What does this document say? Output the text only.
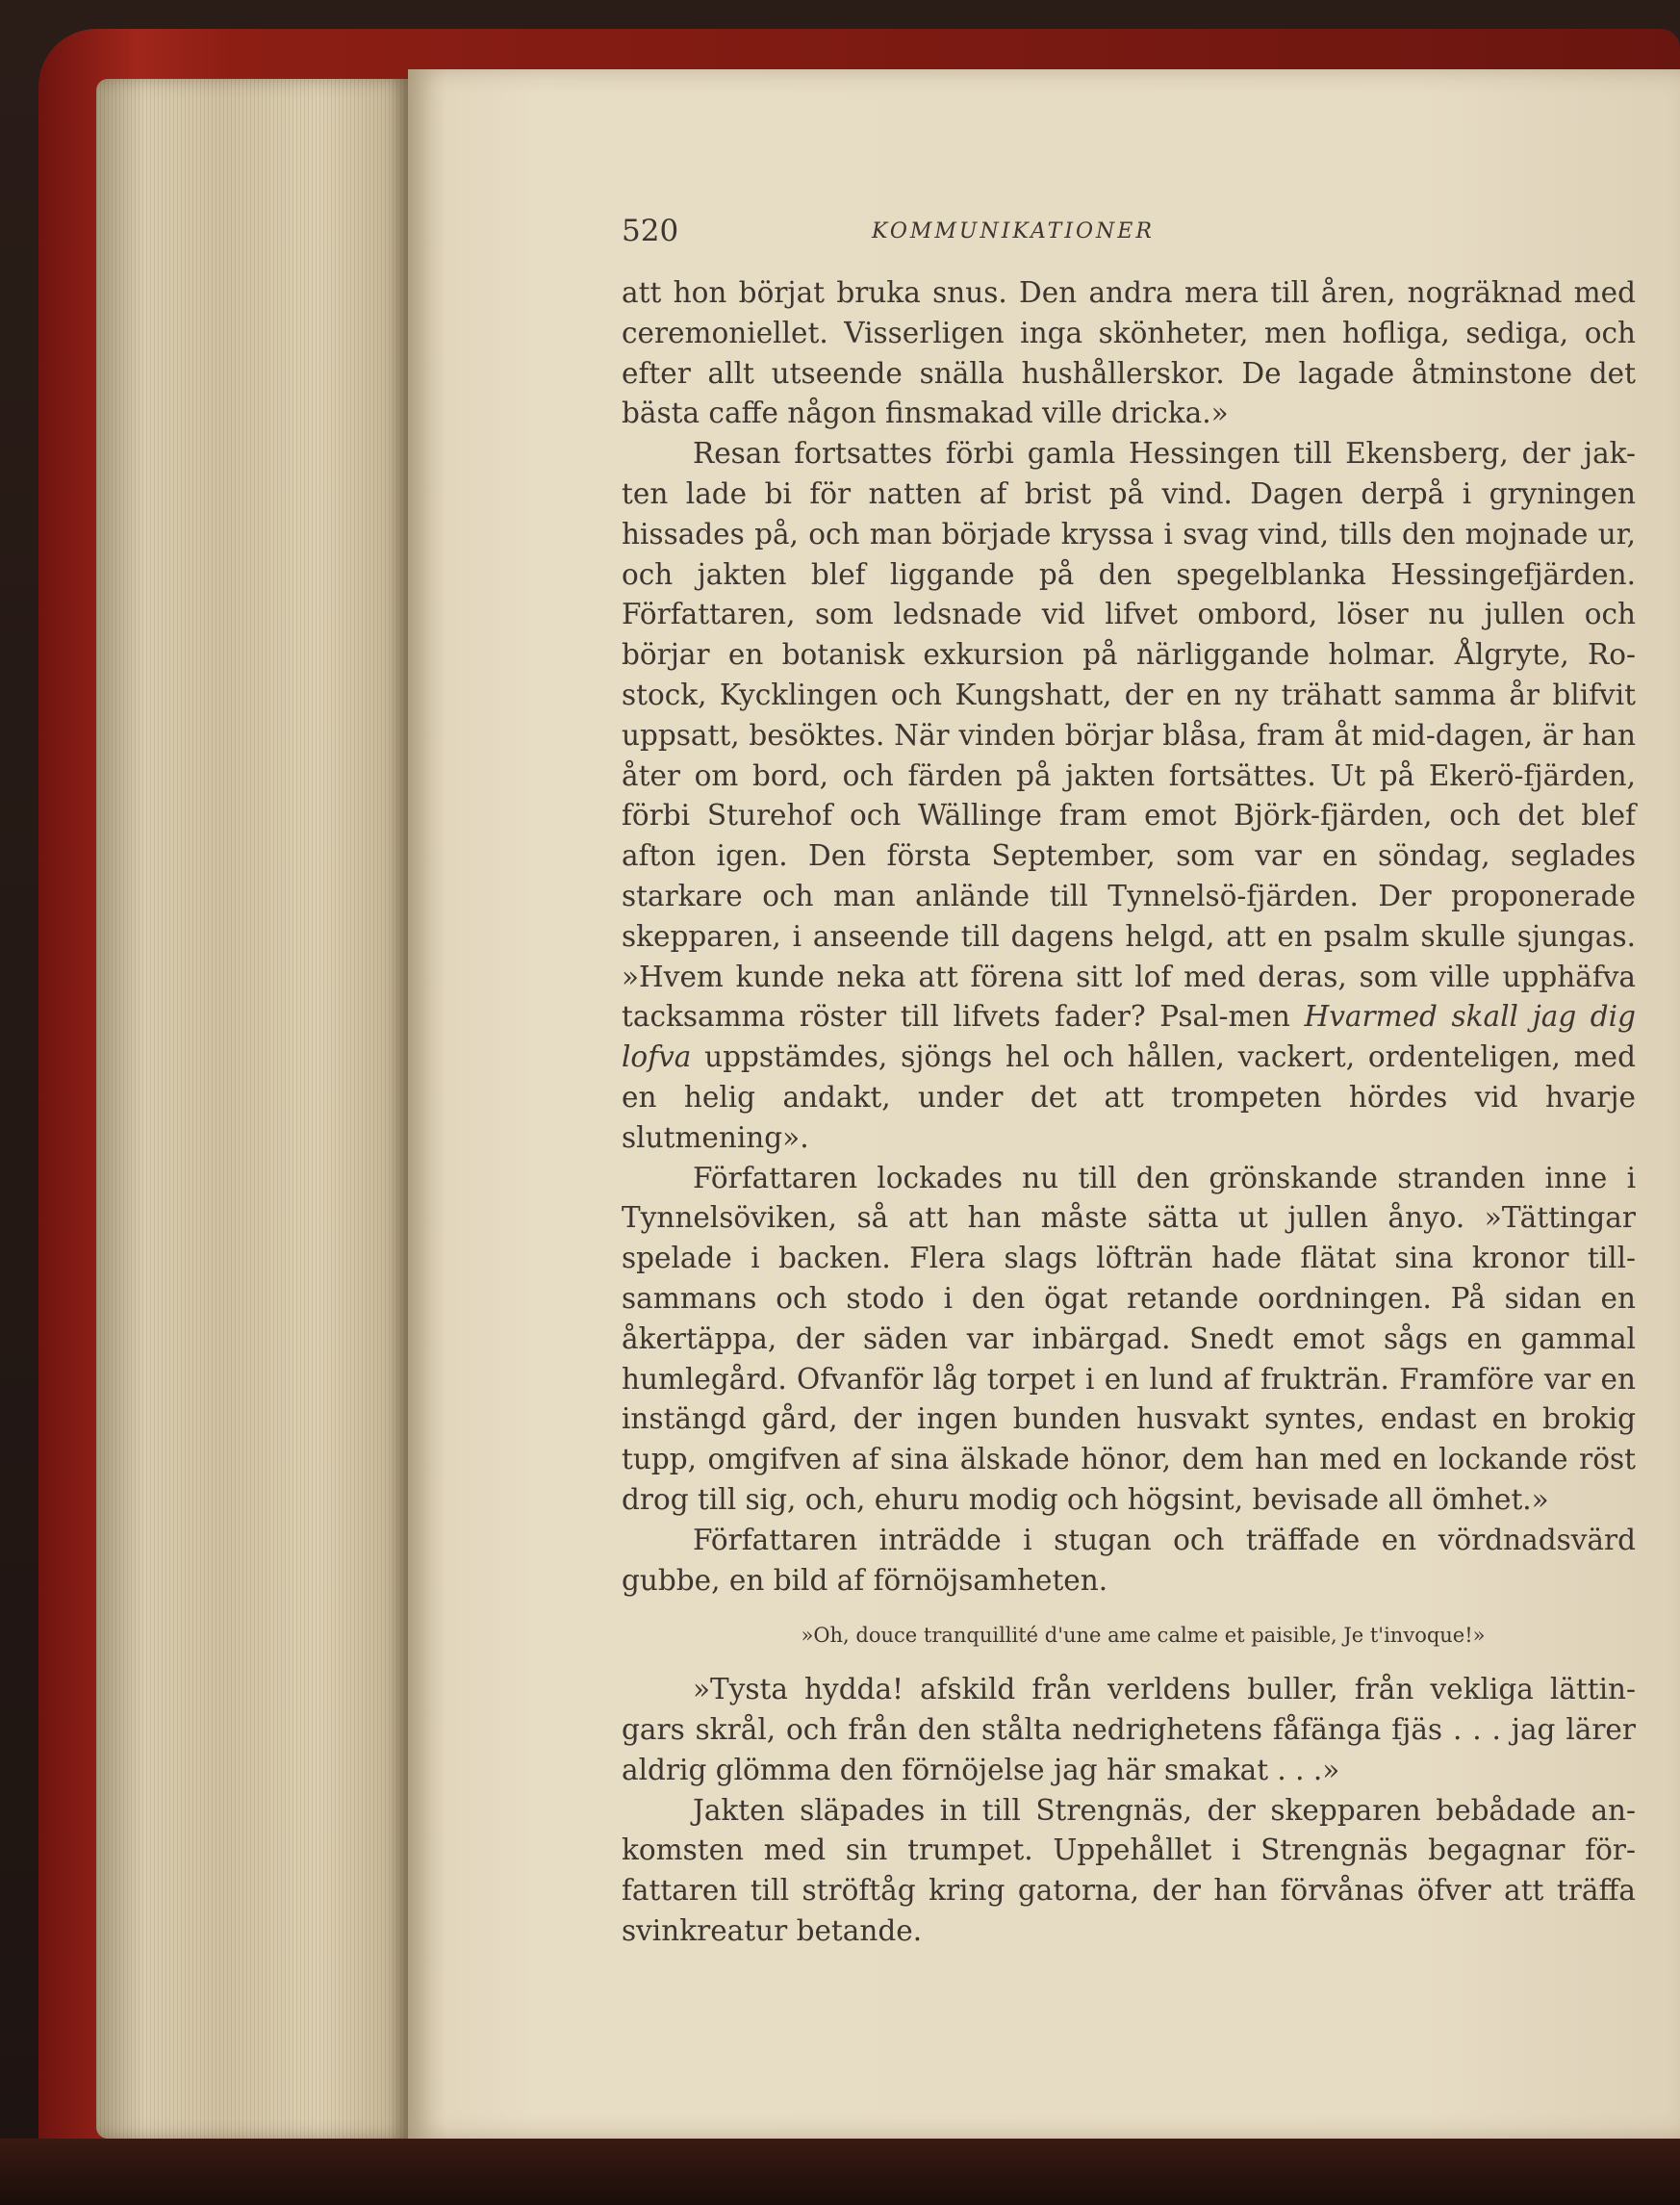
520	KOMMUNIKATIONER

att hon börjat bruka snus. Den andra mera till åren, nogräknad med ceremoniellet. Visserligen inga skönheter, men hofliga, sediga, och efter allt utseende snälla hushållerskor. De lagade åtminstone det bästa caffe någon finsmakad ville dricka.»

Resan fortsattes förbi gamla Hessingen till Ekensberg, der jak-ten lade bi för natten af brist på vind. Dagen derpå i gryningen hissades på, och man började kryssa i svag vind, tills den mojnade ur, och jakten blef liggande på den spegelblanka Hessingefjärden. Författaren, som ledsnade vid lifvet ombord, löser nu jullen och börjar en botanisk exkursion på närliggande holmar. Ålgryte, Ro-stock, Kycklingen och Kungshatt, der en ny trähatt samma år blifvit uppsatt, besöktes. När vinden börjar blåsa, fram åt mid-dagen, är han åter om bord, och färden på jakten fortsättes. Ut på Ekerö-fjärden, förbi Sturehof och Wällinge fram emot Björk-fjärden, och det blef afton igen. Den första September, som var en söndag, seglades starkare och man anlände till Tynnelsö-fjärden. Der proponerade skepparen, i anseende till dagens helgd, att en psalm skulle sjungas. »Hvem kunde neka att förena sitt lof med deras, som ville upphäfva tacksamma röster till lifvets fader? Psal-men Hvarmed skall jag dig lofva uppstämdes, sjöngs hel och hållen, vackert, ordenteligen, med en helig andakt, under det att trompeten hördes vid hvarje slutmening».

Författaren lockades nu till den grönskande stranden inne i Tynnelsöviken, så att han måste sätta ut jullen ånyo. »Tättingar spelade i backen. Flera slags löfträn hade flätat sina kronor till-sammans och stodo i den ögat retande oordningen. På sidan en åkertäppa, der säden var inbärgad. Snedt emot sågs en gammal humlegård. Ofvanför låg torpet i en lund af frukträn. Framföre var en instängd gård, der ingen bunden husvakt syntes, endast en brokig tupp, omgifven af sina älskade hönor, dem han med en lockande röst drog till sig, och, ehuru modig och högsint, bevisade all ömhet.»

Författaren inträdde i stugan och träffade en vördnadsvärd gubbe, en bild af förnöjsamheten.

»Oh, douce tranquillité d'une ame calme et paisible, Je t'invoque!»

»Tysta hydda! afskild från verldens buller, från vekliga lättin-gars skrål, och från den stålta nedrighetens fåfänga fjäs . . . jag lärer aldrig glömma den förnöjelse jag här smakat . . .»

Jakten släpades in till Strengnäs, der skepparen bebådade an-komsten med sin trumpet. Uppehållet i Strengnäs begagnar för-fattaren till ströftåg kring gatorna, der han förvånas öfver att träffa svinkreatur betande.
